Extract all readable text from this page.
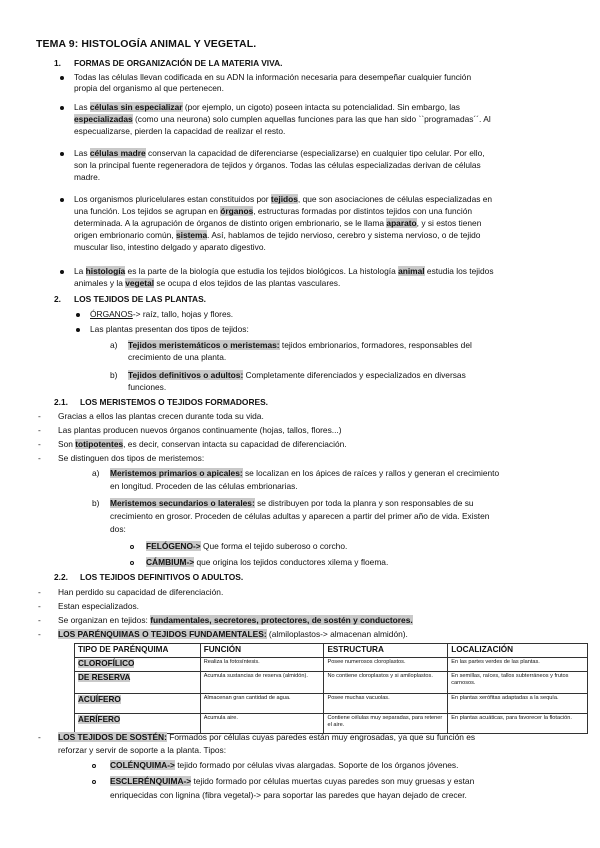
TEMA 9: HISTOLOGÍA ANIMAL Y VEGETAL.
1. FORMAS DE ORGANIZACIÓN DE LA MATERIA VIVA.
Todas las células llevan codificada en su ADN la información necesaria para desempeñar cualquier función
propia del organismo al que pertenecen.
Las células sin especializar (por ejemplo, un cigoto) poseen intacta su potencialidad. Sin embargo, las
especializadas (como una neurona) solo cumplen aquellas funciones para las que han sido ``programadas´´. Al
especualizarse, pierden la capacidad de realizar el resto.
Las células madre conservan la capacidad de diferenciarse (especializarse) en cualquier tipo celular. Por ello,
son la principal fuente regeneradora de tejidos y órganos. Todas las células especializadas derivan de células
madre.
Los organismos pluricelulares estan constituidos por tejidos, que son asociaciones de células especializadas en
una función. Los tejidos se agrupan en órganos, estructuras formadas por distintos tejidos con una función
determinada. A la agrupación de órganos de distinto origen embrionario, se le llama aparato, y si estos tienen
origen embrionario común, sistema. Así, hablamos de tejido nervioso, cerebro y sistema nervioso, o de tejido
muscular liso, intestino delgado y aparato digestivo.
La histología es la parte de la biología que estudia los tejidos biológicos. La histología animal estudia los tejidos
animales y la vegetal se ocupa d elos tejidos de las plantas vasculares.
2. LOS TEJIDOS DE LAS PLANTAS.
ÓRGANOS-> raíz, tallo, hojas y flores.
Las plantas presentan dos tipos de tejidos:
a) Tejidos meristemáticos o meristemas: tejidos embrionarios, formadores, responsables del
crecimiento de una planta.
b) Tejidos definitivos o adultos: Completamente diferenciados y especializados en diversas
funciones.
2.1. LOS MERISTEMOS O TEJIDOS FORMADORES.
- Gracias a ellos las plantas crecen durante toda su vida.
- Las plantas producen nuevos órganos continuamente (hojas, tallos, flores...)
- Son totipotentes, es decir, conservan intacta su capacidad de diferenciación.
- Se distinguen dos tipos de meristemos:
a) Meristemos primarios o apicales: se localizan en los ápices de raíces y rallos y generan el crecimiento
en longitud. Proceden de las células embrionarias.
b) Meristemos secundarios o laterales: se distribuyen por toda la planra y son responsables de su
crecimiento en grosor. Proceden de células adultas y aparecen a partir del primer año de vida. Existen
dos:
FELÓGENO-> Que forma el tejido suberoso o corcho.
CÁMBIUM-> que origina los tejidos conductores xilema y floema.
2.2. LOS TEJIDOS DEFINITIVOS O ADULTOS.
- Han perdido su capacidad de diferenciación.
- Estan especializados.
- Se organizan en tejidos: fundamentales, secretores, protectores, de sostén y conductores.
- LOS PARÉNQUIMAS O TEJIDOS FUNDAMENTALES: (almiloplastos-> almacenan almidón).
TIPO DE PARÉNQUIMA	FUNCIÓN	ESTRUCTURA	LOCALIZACIÓN
CLOROFÍLICO	Realiza la fotosíntesis.	Posee numerosos cloroplastos.	En las partes verdes de las plantas.
DE RESERVA	Acumula sustancias de reserva (almidón).	No contiene cloroplastos y si amiloplastos.	En semillas, raíces, tallos subterráneos y frutos carnosos.
ACUÍFERO	Almacenan gran cantidad de agua.	Posee muchas vacuolas.	En plantas xerófitas adaptadas a la sequía.
AERÍFERO	Acumula aire.	Contiene células muy separadas, para retener el aire.	En plantas acuáticas, para favorecer la flotación.
- LOS TEJIDOS DE SOSTÉN: Formados por células cuyas paredes están muy engrosadas, ya que su función es
reforzar y servir de soporte a la planta. Tipos:
COLÉNQUIMA-> tejido formado por células vivas alargadas. Soporte de los órganos jóvenes.
ESCLERÉNQUIMA-> tejido formado por células muertas cuyas paredes son muy gruesas y estan
enriquecidas con lignina (fibra vegetal)-> para soportar las paredes que hayan dejado de crecer.
